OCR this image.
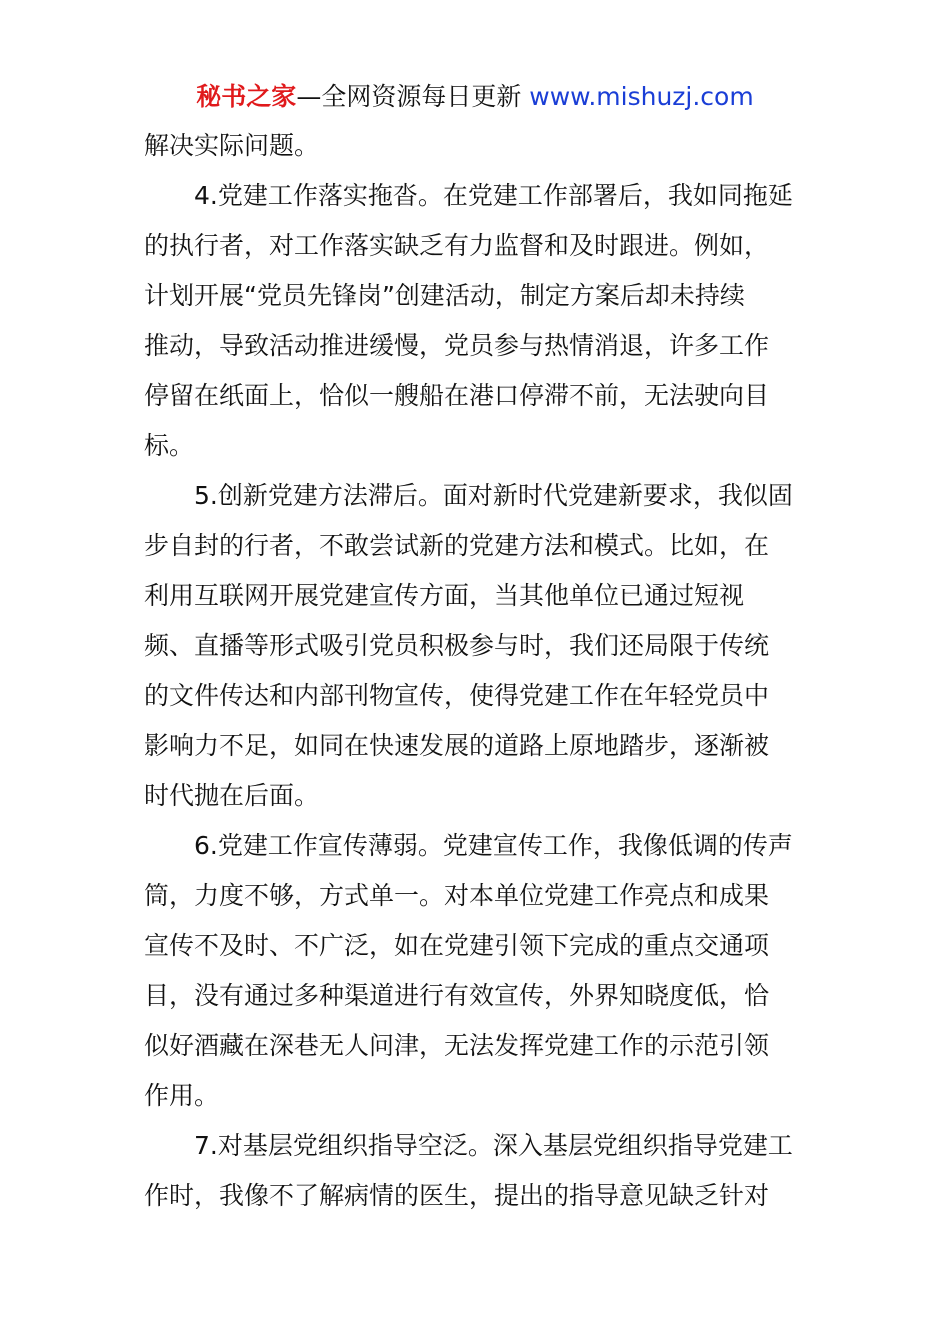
秘书之家—全网资源每日更新 www.mishuzj.com
解决实际问题。
4.党建工作落实拖沓。在党建工作部署后，我如同拖延
的执行者，对工作落实缺乏有力监督和及时跟进。例如，
计划开展“党员先锋岗”创建活动，制定方案后却未持续
推动，导致活动推进缓慢，党员参与热情消退，许多工作
停留在纸面上，恰似一艘船在港口停滞不前，无法驶向目
标。
5.创新党建方法滞后。面对新时代党建新要求，我似固
步自封的行者，不敢尝试新的党建方法和模式。比如，在
利用互联网开展党建宣传方面，当其他单位已通过短视
频、直播等形式吸引党员积极参与时，我们还局限于传统
的文件传达和内部刊物宣传，使得党建工作在年轻党员中
影响力不足，如同在快速发展的道路上原地踏步，逐渐被
时代抛在后面。
6.党建工作宣传薄弱。党建宣传工作，我像低调的传声
筒，力度不够，方式单一。对本单位党建工作亮点和成果
宣传不及时、不广泛，如在党建引领下完成的重点交通项
目，没有通过多种渠道进行有效宣传，外界知晓度低，恰
似好酒藏在深巷无人问津，无法发挥党建工作的示范引领
作用。
7.对基层党组织指导空泛。深入基层党组织指导党建工
作时，我像不了解病情的医生，提出的指导意见缺乏针对
